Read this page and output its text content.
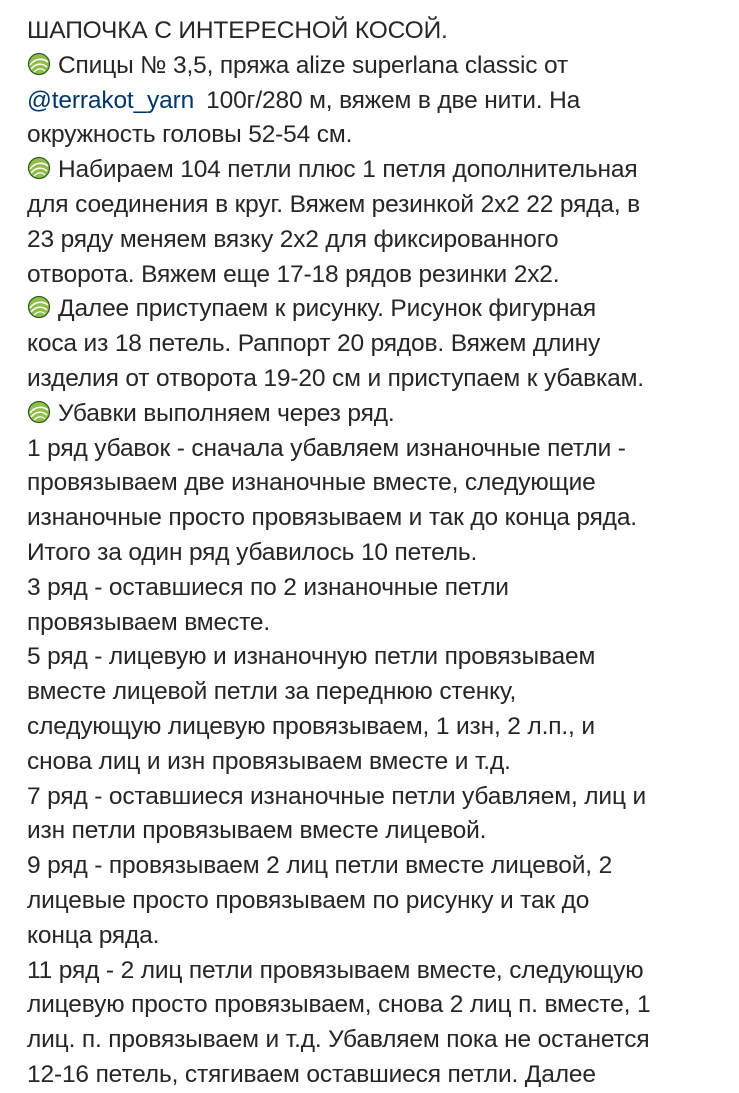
ШАПОЧКА С ИНТЕРЕСНОЙ КОСОЙ.
Спицы № 3,5, пряжа alize superlana classic от
@terrakot_yarn 100г/280 м, вяжем в две нити. На
окружность головы 52-54 см.
Набираем 104 петли плюс 1 петля дополнительная
для соединения в круг. Вяжем резинкой 2х2 22 ряда, в
23 ряду меняем вязку 2х2 для фиксированного
отворота. Вяжем еще 17-18 рядов резинки 2х2.
Далее приступаем к рисунку. Рисунок фигурная
коса из 18 петель. Раппорт 20 рядов. Вяжем длину
изделия от отворота 19-20 см и приступаем к убавкам.
Убавки выполняем через ряд.
1 ряд убавок - сначала убавляем изнаночные петли -
провязываем две изнаночные вместе, следующие
изнаночные просто провязываем и так до конца ряда.
Итого за один ряд убавилось 10 петель.
3 ряд - оставшиеся по 2 изнаночные петли
провязываем вместе.
5 ряд - лицевую и изнаночную петли провязываем
вместе лицевой петли за переднюю стенку,
следующую лицевую провязываем, 1 изн, 2 л.п., и
снова лиц и изн провязываем вместе и т.д.
7 ряд - оставшиеся изнаночные петли убавляем, лиц и
изн петли провязываем вместе лицевой.
9 ряд - провязываем 2 лиц петли вместе лицевой, 2
лицевые просто провязываем по рисунку и так до
конца ряда.
11 ряд - 2 лиц петли провязываем вместе, следующую
лицевую просто провязываем, снова 2 лиц п. вместе, 1
лиц. п. провязываем и т.д. Убавляем пока не останется
12-16 петель, стягиваем оставшиеся петли. Далее
